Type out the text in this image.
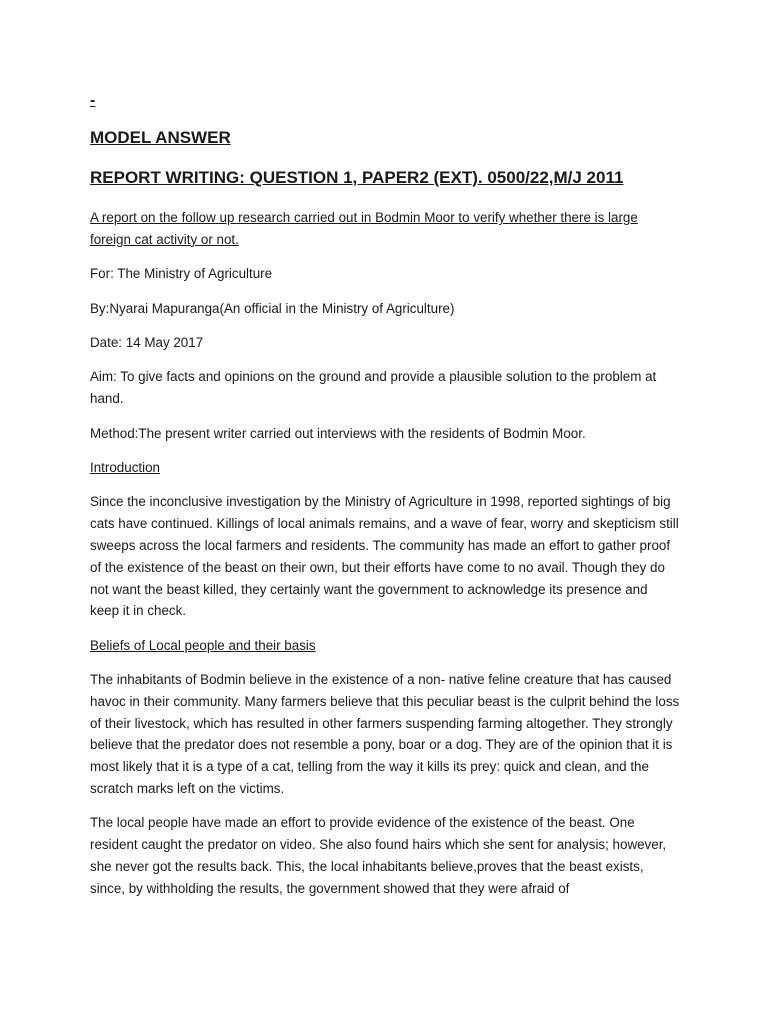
-
MODEL ANSWER
REPORT WRITING: QUESTION 1, PAPER2 (EXT). 0500/22,M/J 2011

A report on the follow up research carried out in Bodmin Moor to verify whether there is large foreign cat activity or not.

For: The Ministry of Agriculture

By:Nyarai Mapuranga(An official in the Ministry of Agriculture)

Date: 14 May 2017

Aim: To give facts and opinions on the ground and provide a plausible solution to the problem at hand.

Method:The present writer carried out interviews with the residents of Bodmin Moor.

Introduction

Since the inconclusive investigation by the Ministry of Agriculture in 1998, reported sightings of big cats have continued. Killings of local animals remains, and a wave of fear, worry and skepticism still sweeps across the local farmers and residents. The community has made an effort to gather proof of the existence of the beast on their own, but their efforts have come to no avail. Though they do not want the beast killed, they certainly want the government to acknowledge its presence and keep it in check.

Beliefs of Local people and their basis

The inhabitants of Bodmin believe in the existence of a non- native feline creature that has caused havoc in their community. Many farmers believe that this peculiar beast is the culprit behind the loss of their livestock, which has resulted in other farmers suspending farming altogether. They strongly believe that the predator does not resemble a pony, boar or a dog. They are of the opinion that it is most likely that it is a type of a cat, telling from the way it kills its prey: quick and clean, and the scratch marks left on the victims.

The local people have made an effort to provide evidence of the existence of the beast. One resident caught the predator on video. She also found hairs which she sent for analysis; however, she never got the results back. This, the local inhabitants believe,proves that the beast exists, since, by withholding the results, the government showed that they were afraid of
